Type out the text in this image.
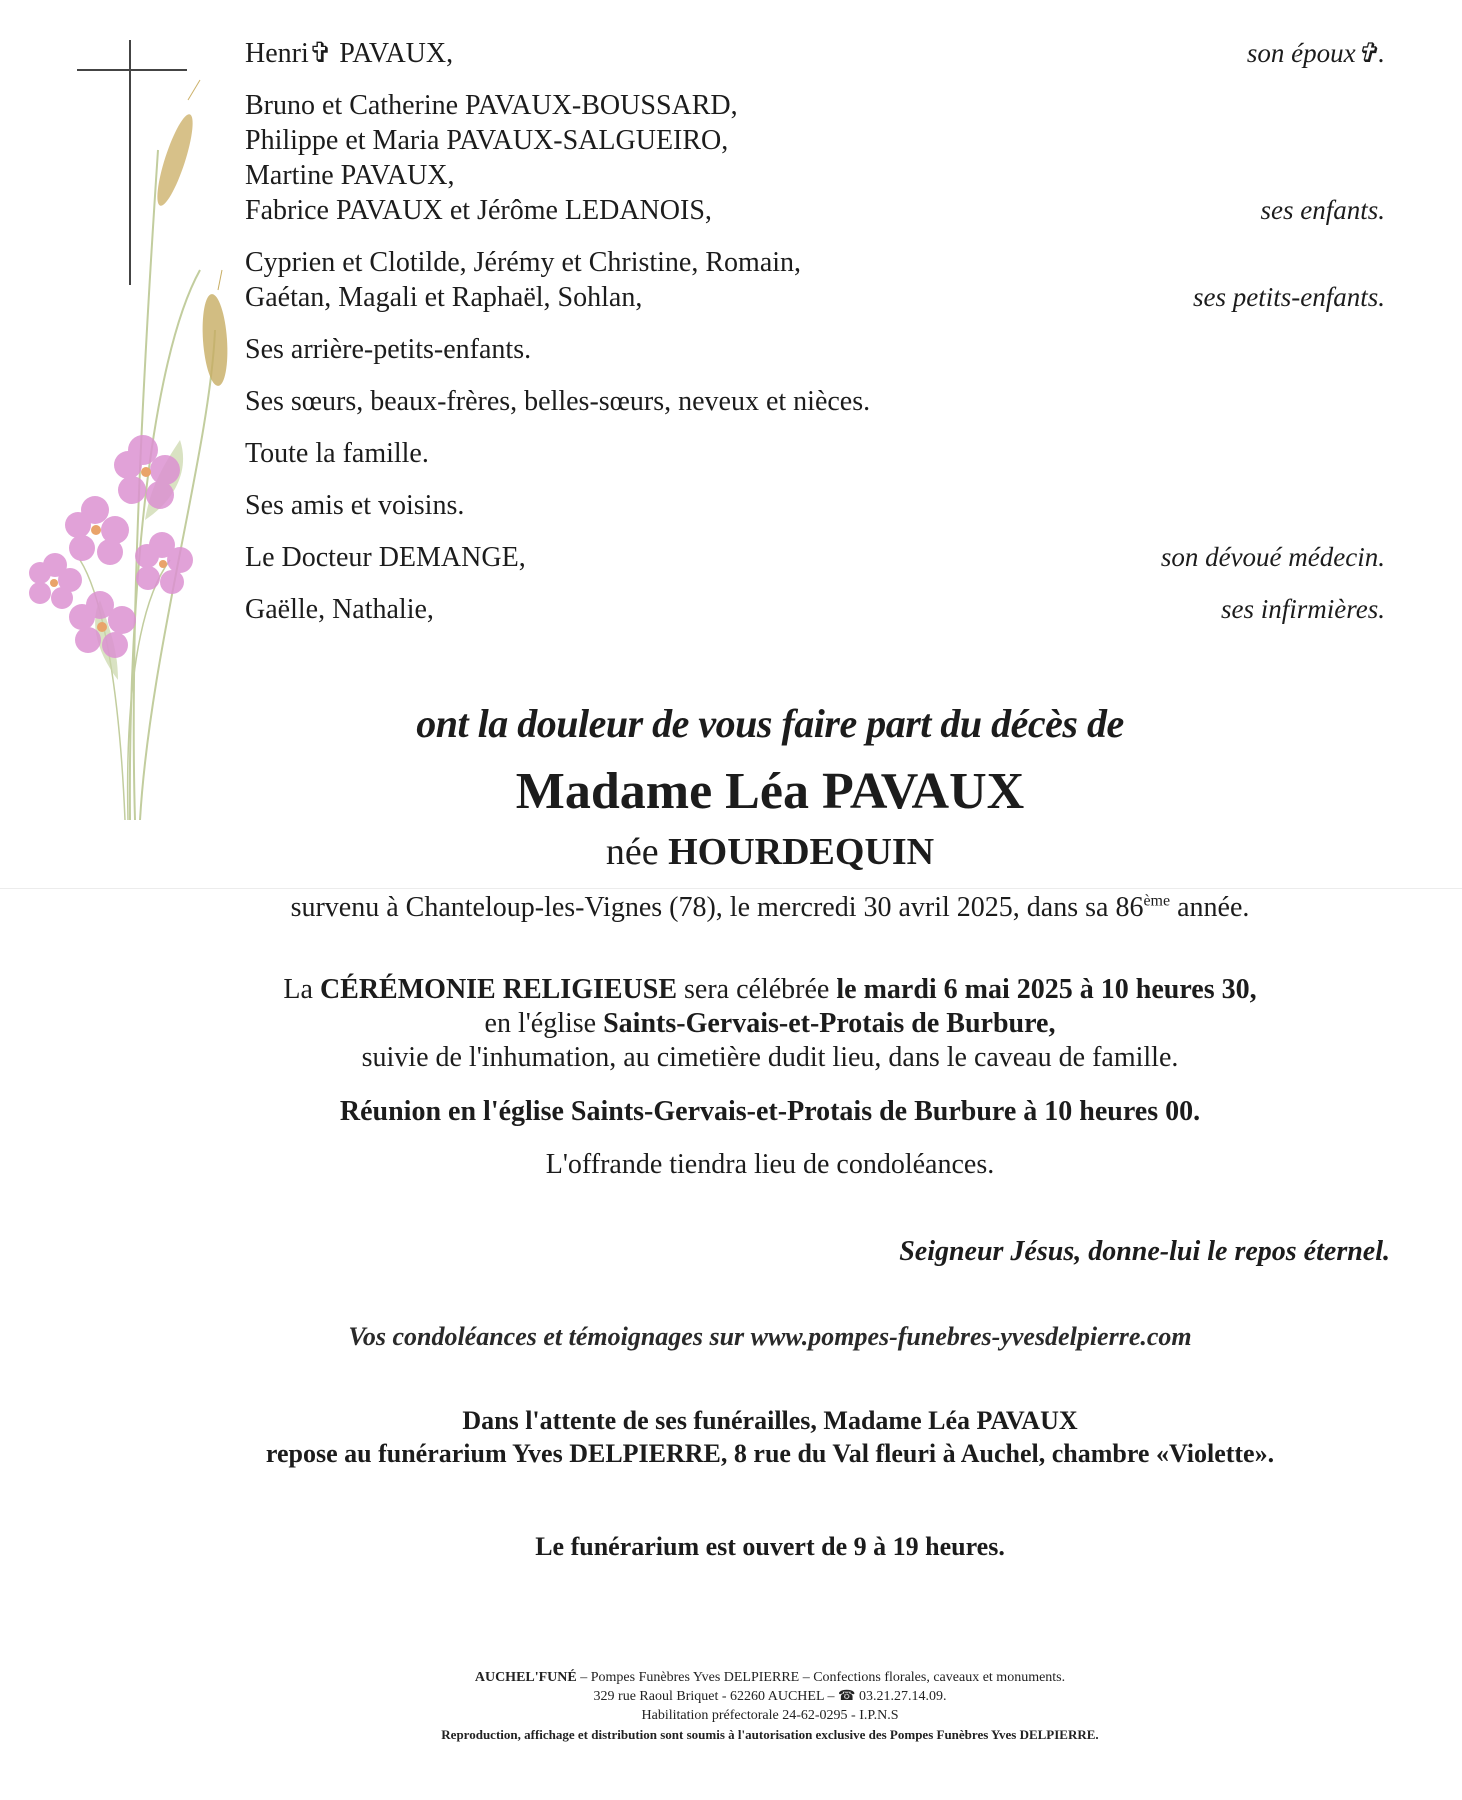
Henri✞ PAVAUX,	son époux✞.
Bruno et Catherine PAVAUX-BOUSSARD,
Philippe et Maria PAVAUX-SALGUEIRO,
Martine PAVAUX,
Fabrice PAVAUX et Jérôme LEDANOIS,	ses enfants.
Cyprien et Clotilde, Jérémy et Christine, Romain,
Gaétan, Magali et Raphaël, Sohlan,	ses petits-enfants.
Ses arrière-petits-enfants.
Ses sœurs, beaux-frères, belles-sœurs, neveux et nièces.
Toute la famille.
Ses amis et voisins.
Le Docteur DEMANGE,	son dévoué médecin.
Gaëlle, Nathalie,	ses infirmières.
ont la douleur de vous faire part du décès de
Madame Léa PAVAUX
née HOURDEQUIN
survenu à Chanteloup-les-Vignes (78), le mercredi 30 avril 2025, dans sa 86ème année.
La CÉRÉMONIE RELIGIEUSE sera célébrée le mardi 6 mai 2025 à 10 heures 30,
en l'église Saints-Gervais-et-Protais de Burbure,
suivie de l'inhumation, au cimetière dudit lieu, dans le caveau de famille.
Réunion en l'église Saints-Gervais-et-Protais de Burbure à 10 heures 00.
L'offrande tiendra lieu de condoléances.
Seigneur Jésus, donne-lui le repos éternel.
Vos condoléances et témoignages sur www.pompes-funebres-yvesdelpierre.com
Dans l'attente de ses funérailles, Madame Léa PAVAUX
repose au funérarium Yves DELPIERRE, 8 rue du Val fleuri à Auchel, chambre «Violette».
Le funérarium est ouvert de 9 à 19 heures.
AUCHEL'FUNÉ – Pompes Funèbres Yves DELPIERRE – Confections florales, caveaux et monuments.
329 rue Raoul Briquet - 62260 AUCHEL – ☎ 03.21.27.14.09.
Habilitation préfectorale 24-62-0295 - I.P.N.S
Reproduction, affichage et distribution sont soumis à l'autorisation exclusive des Pompes Funèbres Yves DELPIERRE.
